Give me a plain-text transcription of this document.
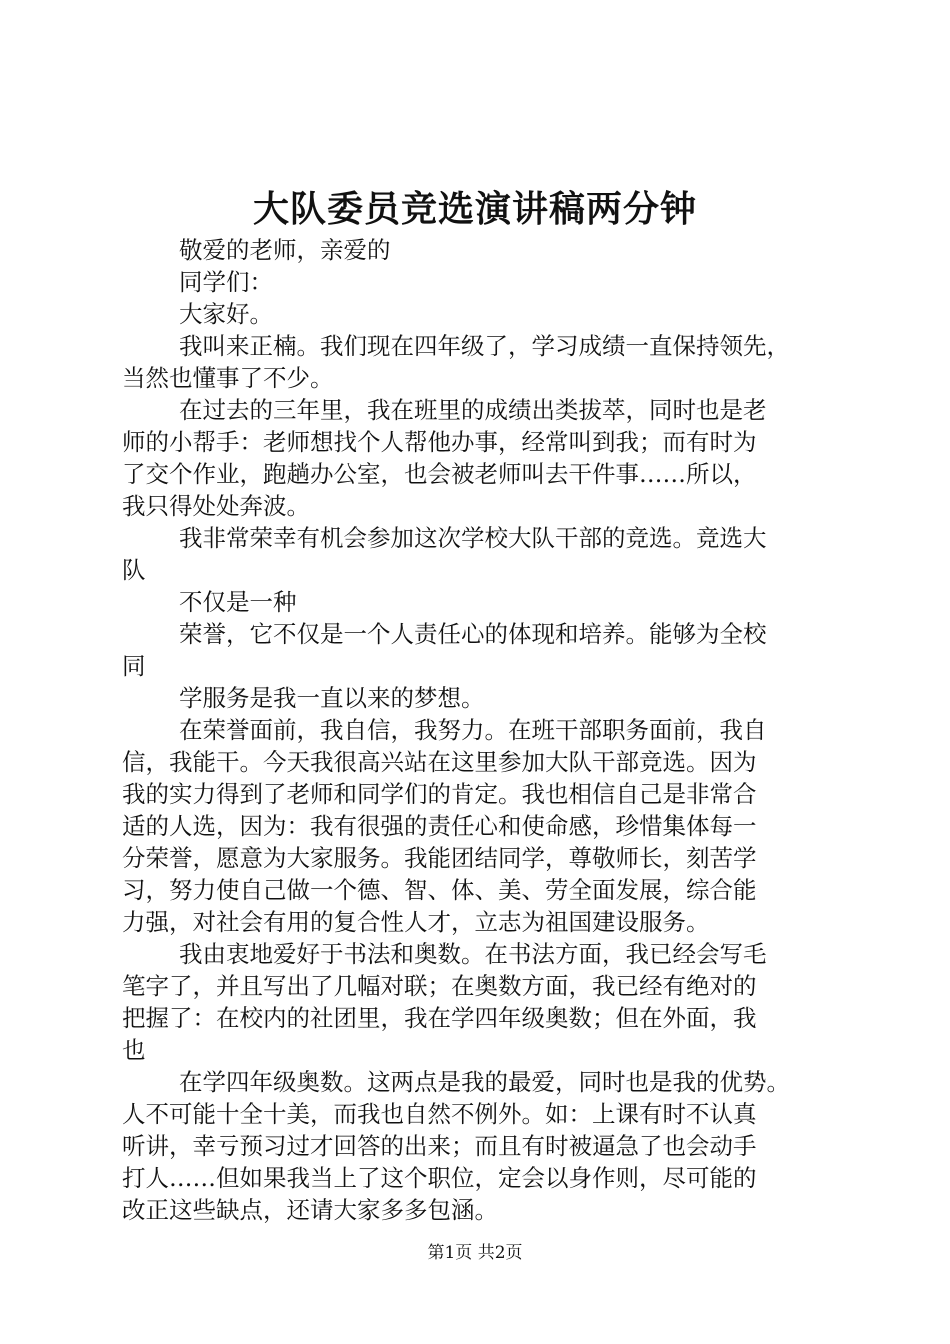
大队委员竞选演讲稿两分钟
敬爱的老师，亲爱的
同学们：
大家好。
我叫来正楠。我们现在四年级了，学习成绩一直保持领先，
当然也懂事了不少。
在过去的三年里，我在班里的成绩出类拔萃，同时也是老
师的小帮手：老师想找个人帮他办事，经常叫到我；而有时为
了交个作业，跑趟办公室，也会被老师叫去干件事……所以，
我只得处处奔波。
我非常荣幸有机会参加这次学校大队干部的竞选。竞选大
队
不仅是一种
荣誉，它不仅是一个人责任心的体现和培养。能够为全校
同
学服务是我一直以来的梦想。
在荣誉面前，我自信，我努力。在班干部职务面前，我自
信，我能干。今天我很高兴站在这里参加大队干部竞选。因为
我的实力得到了老师和同学们的肯定。我也相信自己是非常合
适的人选，因为：我有很强的责任心和使命感，珍惜集体每一
分荣誉，愿意为大家服务。我能团结同学，尊敬师长，刻苦学
习，努力使自己做一个德、智、体、美、劳全面发展，综合能
力强，对社会有用的复合性人才，立志为祖国建设服务。
我由衷地爱好于书法和奥数。在书法方面，我已经会写毛
笔字了，并且写出了几幅对联；在奥数方面，我已经有绝对的
把握了：在校内的社团里，我在学四年级奥数；但在外面，我
也
在学四年级奥数。这两点是我的最爱，同时也是我的优势。
人不可能十全十美，而我也自然不例外。如：上课有时不认真
听讲，幸亏预习过才回答的出来；而且有时被逼急了也会动手
打人……但如果我当上了这个职位，定会以身作则，尽可能的
改正这些缺点，还请大家多多包涵。
第1页 共2页
